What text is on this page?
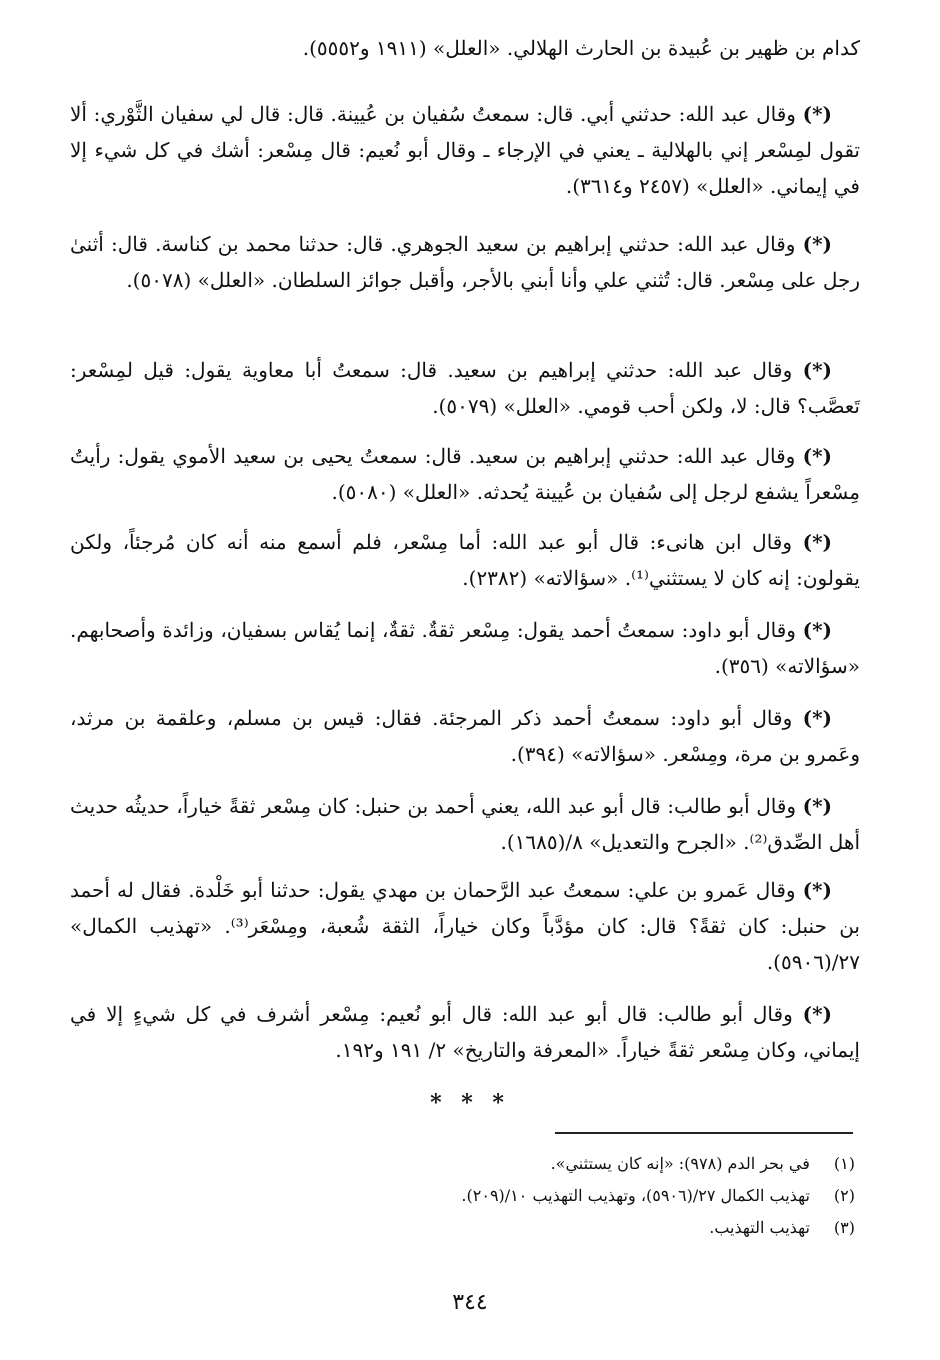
كدام بن ظهير بن عُبيدة بن الحارث الهلالي. «العلل» (١٩١١ و٥٥٥٢).

(*) وقال عبد الله: حدثني أبي. قال: سمعتُ سُفيان بن عُيينة. قال: قال لي سفيان الثَّوْري: ألا تقول لمِسْعر إني بالهلالية ـ يعني في الإرجاء ـ وقال أبو نُعيم: قال مِسْعر: أشك في كل شيء إلا في إيماني. «العلل» (٢٤٥٧ و٣٦١٤).

(*) وقال عبد الله: حدثني إبراهيم بن سعيد الجوهري. قال: حدثنا محمد بن كناسة. قال: أثنىٰ رجل على مِسْعر. قال: تُثني علي وأنا أبني بالأجر، وأقبل جوائز السلطان. «العلل» (٥٠٧٨).

(*) وقال عبد الله: حدثني إبراهيم بن سعيد. قال: سمعتُ أبا معاوية يقول: قيل لمِسْعر: تَعصَّب؟ قال: لا، ولكن أحب قومي. «العلل» (٥٠٧٩).

(*) وقال عبد الله: حدثني إبراهيم بن سعيد. قال: سمعتُ يحيى بن سعيد الأموي يقول: رأيتُ مِسْعراً يشفع لرجل إلى سُفيان بن عُيينة يُحدثه. «العلل» (٥٠٨٠).

(*) وقال ابن هانىء: قال أبو عبد الله: أما مِسْعر، فلم أسمع منه أنه كان مُرجئاً، ولكن يقولون: إنه كان لا يستثني⁽¹⁾. «سؤالاته» (٢٣٨٢).

(*) وقال أبو داود: سمعتُ أحمد يقول: مِسْعر ثقةٌ. ثقةٌ، إنما يُقاس بسفيان، وزائدة وأصحابهم. «سؤالاته» (٣٥٦).

(*) وقال أبو داود: سمعتُ أحمد ذكر المرجئة. فقال: قيس بن مسلم، وعلقمة بن مرثد، وعَمرو بن مرة، ومِسْعر. «سؤالاته» (٣٩٤).

(*) وقال أبو طالب: قال أبو عبد الله، يعني أحمد بن حنبل: كان مِسْعر ثقةً خياراً، حديثُه حديث أهل الصِّدق⁽²⁾. «الجرح والتعديل» ٨/(١٦٨٥).

(*) وقال عَمرو بن علي: سمعتُ عبد الرَّحمان بن مهدي يقول: حدثنا أبو خَلْدة. فقال له أحمد بن حنبل: كان ثقةً؟ قال: كان مؤدَّباً وكان خياراً، الثقة شُعبة، ومِسْعَر⁽³⁾. «تهذيب الكمال» ٢٧/(٥٩٠٦).

(*) وقال أبو طالب: قال أبو عبد الله: قال أبو نُعيم: مِسْعر أشرف في كل شيءٍ إلا في إيماني، وكان مِسْعر ثقةً خياراً. «المعرفة والتاريخ» ٢/ ١٩١ و١٩٢.

* * *
(١) في بحر الدم (٩٧٨): «إنه كان يستثني».
(٢) تهذيب الكمال ٢٧/(٥٩٠٦)، وتهذيب التهذيب ١٠/(٢٠٩).
(٣) تهذيب التهذيب.
٣٤٤
